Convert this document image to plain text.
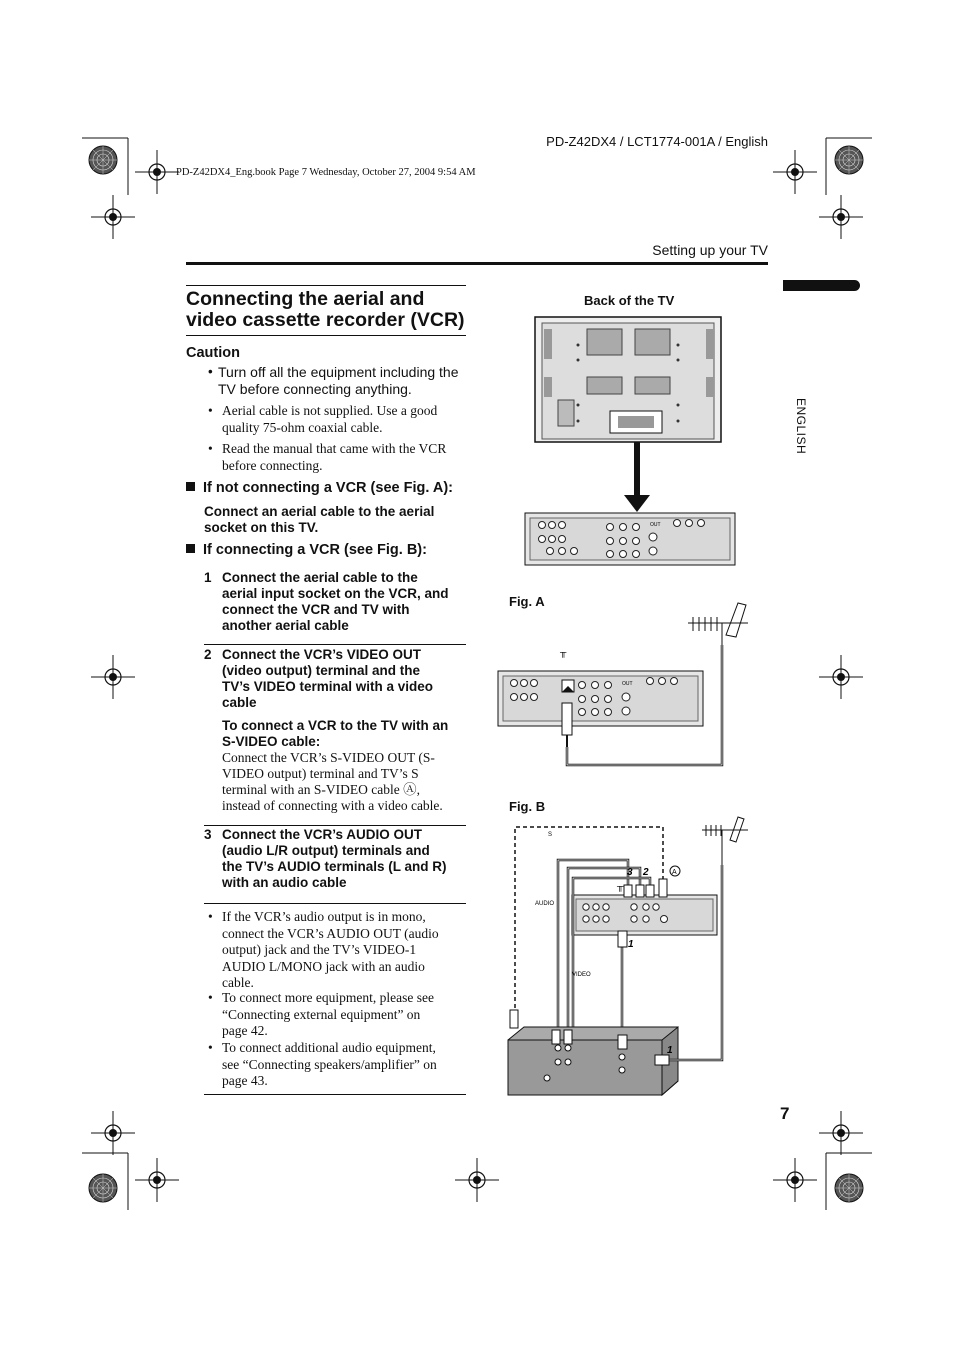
PD-Z42DX4 / LCT1774-001A / English
PD-Z42DX4_Eng.book Page 7 Wednesday, October 27, 2004 9:54 AM
Setting up your TV
ENGLISH
Connecting the aerial and
video cassette recorder (VCR)
Caution
• Turn off all the equipment including the
TV before connecting anything.
• Aerial cable is not supplied. Use a good
quality 75-ohm coaxial cable.
• Read the manual that came with the VCR
before connecting.
If not connecting a VCR (see Fig. A):
Connect an aerial cable to the aerial
socket on this TV.
If connecting a VCR (see Fig. B):
1 Connect the aerial cable to the
aerial input socket on the VCR, and
connect the VCR and TV with
another aerial cable
2 Connect the VCR’s VIDEO OUT
(video output) terminal and the
TV’s VIDEO terminal with a video
cable
To connect a VCR to the TV with an
S-VIDEO cable:
Connect the VCR’s S-VIDEO OUT (S-
VIDEO output) terminal and TV’s S
terminal with an S-VIDEO cable Ⓐ,
instead of connecting with a video cable.
3 Connect the VCR’s AUDIO OUT
(audio L/R output) terminals and
the TV’s AUDIO terminals (L and R)
with an audio cable
• If the VCR’s audio output is in mono,
connect the VCR’s AUDIO OUT (audio
output) jack and the TV’s VIDEO-1
AUDIO L/MONO jack with an audio
cable.
• To connect more equipment, please see
“Connecting external equipment” on
page 42.
• To connect additional audio equipment,
see “Connecting speakers/amplifier” on
page 43.
Back of the TV
OUT
OUT
╥
S
╥
3 2	A
1
AUDIO
VIDEO
1
Fig. A
Fig. B
7
